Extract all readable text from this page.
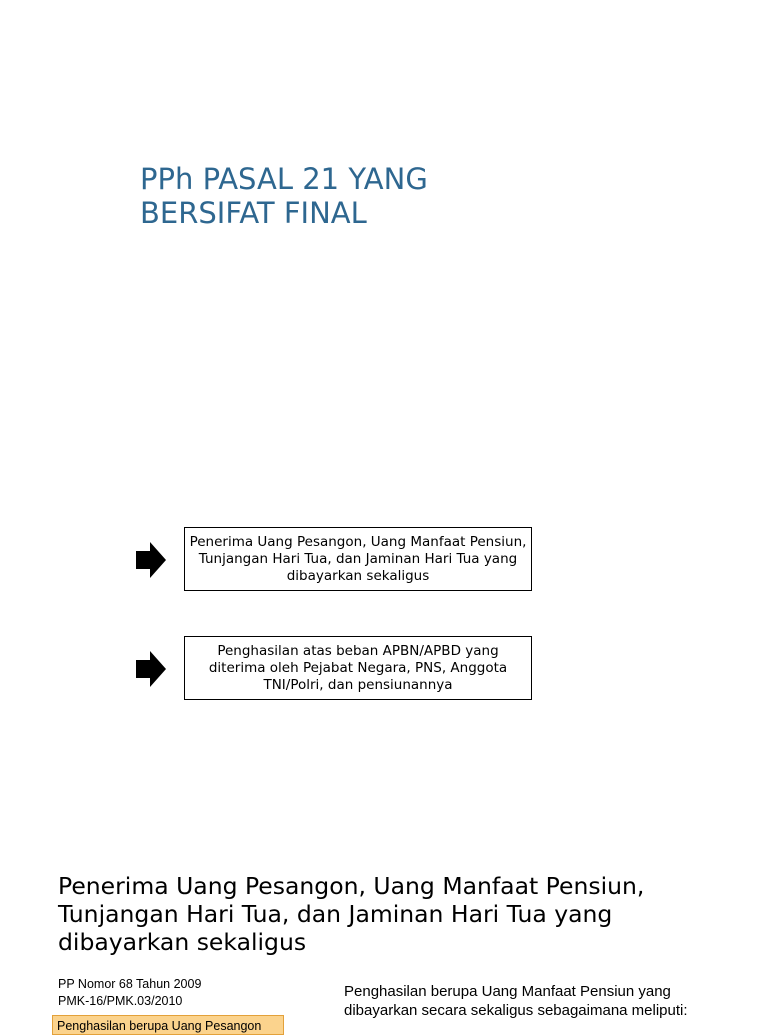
PPh PASAL 21 YANG BERSIFAT FINAL
Penerima Uang Pesangon, Uang Manfaat Pensiun, Tunjangan Hari Tua, dan Jaminan Hari Tua yang dibayarkan sekaligus
Penghasilan atas beban APBN/APBD yang diterima oleh Pejabat Negara, PNS, Anggota TNI/Polri, dan pensiunannya
Penerima Uang Pesangon, Uang Manfaat Pensiun, Tunjangan Hari Tua, dan Jaminan Hari Tua yang dibayarkan sekaligus
PP Nomor 68 Tahun 2009
PMK-16/PMK.03/2010
Penghasilan berupa Uang Pesangon
Penghasilan berupa Uang Manfaat Pensiun yang dibayarkan secara sekaligus sebagaimana meliputi:
